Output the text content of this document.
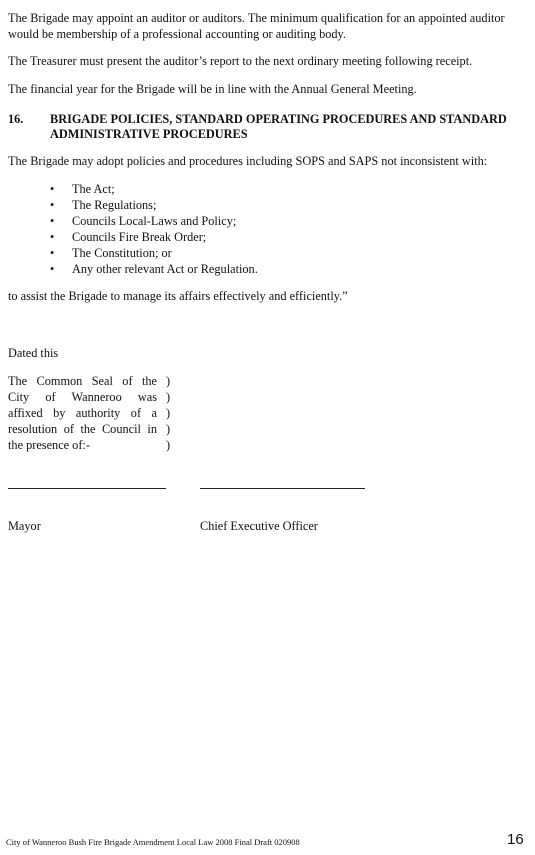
The Brigade may appoint an auditor or auditors. The minimum qualification for an appointed auditor would be membership of a professional accounting or auditing body.
The Treasurer must present the auditor’s report to the next ordinary meeting following receipt.
The financial year for the Brigade will be in line with the Annual General Meeting.
16. BRIGADE POLICIES, STANDARD OPERATING PROCEDURES AND STANDARD
ADMINISTRATIVE PROCEDURES
The Brigade may adopt policies and procedures including SOPS and SAPS not inconsistent with:
• The Act;
• The Regulations;
• Councils Local-Laws and Policy;
• Councils Fire Break Order;
• The Constitution; or
• Any other relevant Act or Regulation.
to assist the Brigade to manage its affairs effectively and efficiently.”
Dated this
The Common Seal of the
City of Wanneroo was
affixed by authority of a
resolution of the Council in
the presence of:-
)
)
)
)
)
Mayor	Chief Executive Officer
City of Wanneroo Bush Fire Brigade Amendment Local Law 2008 Final Draft 020908	16
